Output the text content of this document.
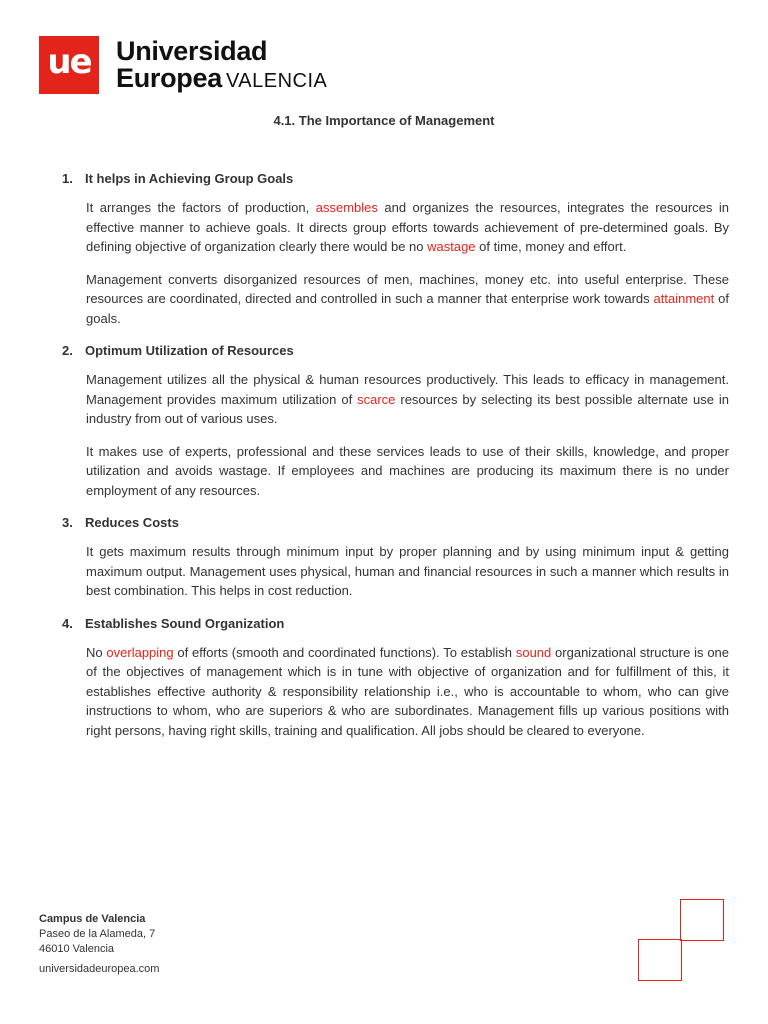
ue Universidad
Europea VALENCIA
4.1. The Importance of Management
1. It helps in Achieving Group Goals

It arranges the factors of production, assembles and organizes the resources, integrates the resources in effective manner to achieve goals. It directs group efforts towards achievement of pre-determined goals. By defining objective of organization clearly there would be no wastage of time, money and effort.

Management converts disorganized resources of men, machines, money etc. into useful enterprise. These resources are coordinated, directed and controlled in such a manner that enterprise work towards attainment of goals.

2. Optimum Utilization of Resources

Management utilizes all the physical & human resources productively. This leads to efficacy in management. Management provides maximum utilization of scarce resources by selecting its best possible alternate use in industry from out of various uses.

It makes use of experts, professional and these services leads to use of their skills, knowledge, and proper utilization and avoids wastage. If employees and machines are producing its maximum there is no under employment of any resources.

3. Reduces Costs

It gets maximum results through minimum input by proper planning and by using minimum input & getting maximum output. Management uses physical, human and financial resources in such a manner which results in best combination. This helps in cost reduction.

4. Establishes Sound Organization

No overlapping of efforts (smooth and coordinated functions). To establish sound organizational structure is one of the objectives of management which is in tune with objective of organization and for fulfillment of this, it establishes effective authority & responsibility relationship i.e., who is accountable to whom, who can give instructions to whom, who are superiors & who are subordinates. Management fills up various positions with right persons, having right skills, training and qualification. All jobs should be cleared to everyone.

Campus de Valencia
Paseo de la Alameda, 7
46010 Valencia
universidadeuropea.com
